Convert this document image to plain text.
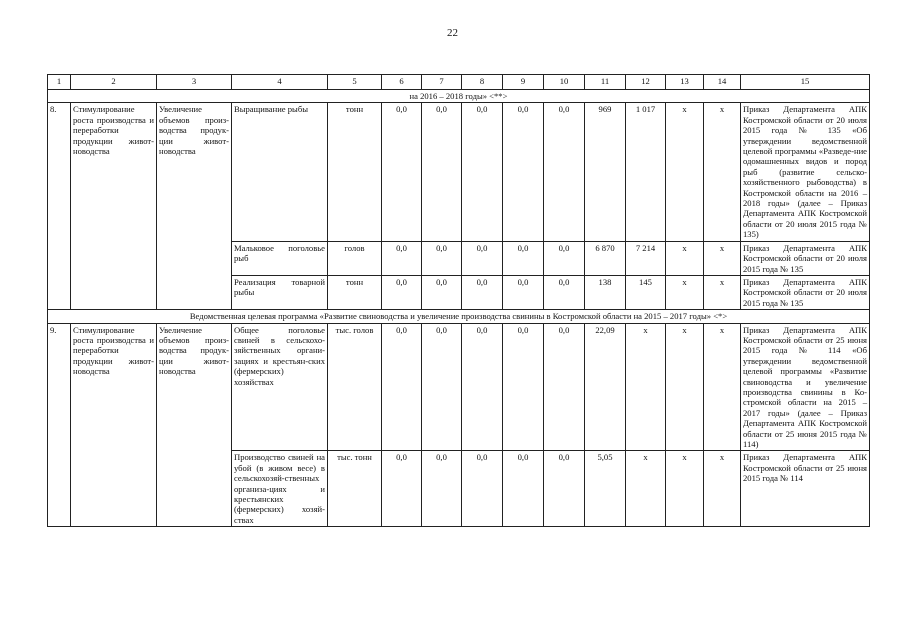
22
1	2	3	4	5	6	7	8	9	10	11	12	13	14	15
на 2016 – 2018 годы» <**>														
8.	Стимулирование роста производства и переработки продукции живот-новодства	Увеличение объемов произ-водства продук-ции живот-новодства	Выращивание рыбы	тонн	0,0	0,0	0,0	0,0	0,0	969	1 017	х	х	Приказ Департамента АПК Костромской области от 20 июля 2015 года № 135 «Об утверждении ведомственной целевой программы «Разведе-ние одомашненных видов и пород рыб (развитие сельско-хозяйственного рыбоводства) в Костромской области на 2016 – 2018 годы» (далее – Приказ Департамента АПК Костромской области от 20 июля 2015 года № 135)
			Мальковое поголовье рыб	голов	0,0	0,0	0,0	0,0	0,0	6 870	7 214	х	х	Приказ Департамента АПК Костромской области от 20 июля 2015 года № 135
			Реализация товарной рыбы	тонн	0,0	0,0	0,0	0,0	0,0	138	145	х	х	Приказ Департамента АПК Костромской области от 20 июля 2015 года № 135
Ведомственная целевая программа «Развитие свиноводства и увеличение производства свинины в Костромской области на 2015 – 2017 годы» <*>														
9.	Стимулирование роста производства и переработки продукции живот-новодства	Увеличение объемов произ-водства продук-ции живот-новодства	Общее поголовье свиней в сельскохо-зяйственных органи-зациях и крестьян-ских (фермерских) хозяйствах	тыс. голов	0,0	0,0	0,0	0,0	0,0	22,09	х	х	х	Приказ Департамента АПК Костромской области от 25 июня 2015 года № 114 «Об утверждении ведомственной целевой программы «Развитие свиноводства и увеличение производства свинины в Ко-стромской области на 2015 – 2017 годы» (далее – Приказ Департамента АПК Костромской области от 25 июня 2015 года № 114)
			Производство свиней на убой (в живом весе) в сельскохозяй-ственных организа-циях и крестьянских (фермерских) хозяй-ствах	тыс. тонн	0,0	0,0	0,0	0,0	0,0	5,05	х	х	х	Приказ Департамента АПК Костромской области от 25 июня 2015 года № 114
